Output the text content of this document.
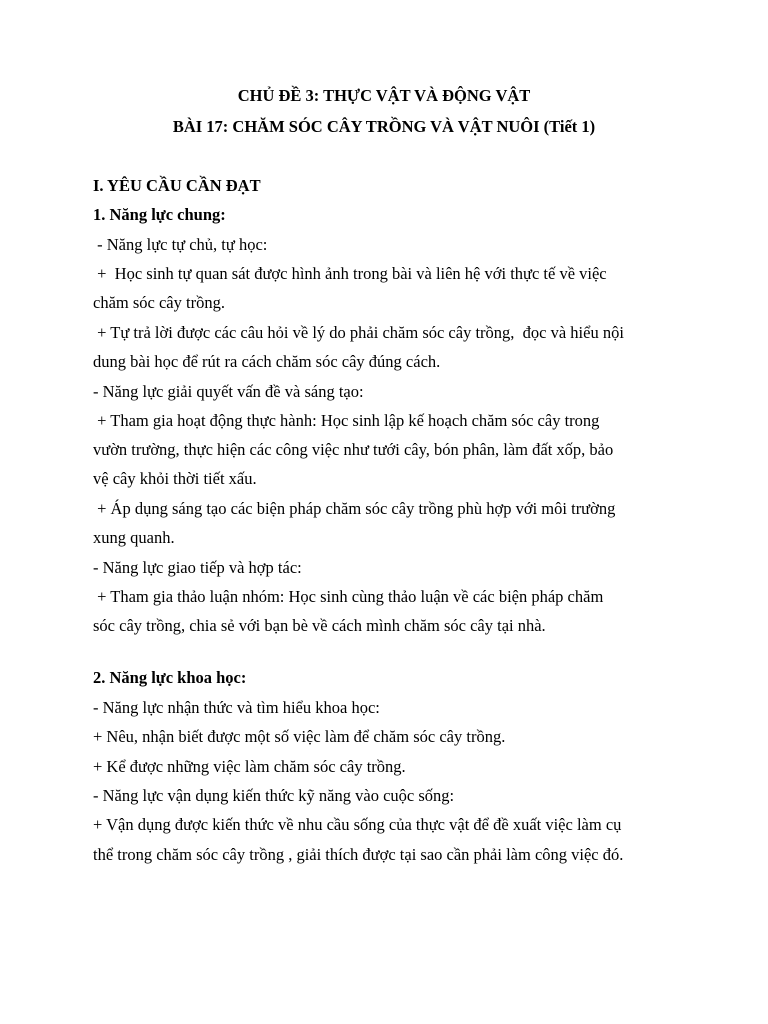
CHỦ ĐỀ 3: THỰC VẬT VÀ ĐỘNG VẬT
BÀI 17: CHĂM SÓC CÂY TRỒNG VÀ VẬT NUÔI (Tiết 1)
I. YÊU CẦU CẦN ĐẠT
1. Năng lực chung:
- Năng lực tự chủ, tự học:
+  Học sinh tự quan sát được hình ảnh trong bài và liên hệ với thực tế về việc
chăm sóc cây trồng.
+ Tự trả lời được các câu hỏi về lý do phải chăm sóc cây trồng,  đọc và hiểu nội
dung bài học để rút ra cách chăm sóc cây đúng cách.
- Năng lực giải quyết vấn đề và sáng tạo:
+ Tham gia hoạt động thực hành: Học sinh lập kế hoạch chăm sóc cây trong
vườn trường, thực hiện các công việc như tưới cây, bón phân, làm đất xốp, bảo
vệ cây khỏi thời tiết xấu.
+ Áp dụng sáng tạo các biện pháp chăm sóc cây trồng phù hợp với môi trường
xung quanh.
- Năng lực giao tiếp và hợp tác:
+ Tham gia thảo luận nhóm: Học sinh cùng thảo luận về các biện pháp chăm
sóc cây trồng, chia sẻ với bạn bè về cách mình chăm sóc cây tại nhà.
2. Năng lực khoa học:
- Năng lực nhận thức và tìm hiểu khoa học:
+ Nêu, nhận biết được một số việc làm để chăm sóc cây trồng.
+ Kể được những việc làm chăm sóc cây trồng.
- Năng lực vận dụng kiến thức kỹ năng vào cuộc sống:
+ Vận dụng được kiến thức về nhu cầu sống của thực vật để đề xuất việc làm cụ
thể trong chăm sóc cây trồng , giải thích được tại sao cần phải làm công việc đó.
